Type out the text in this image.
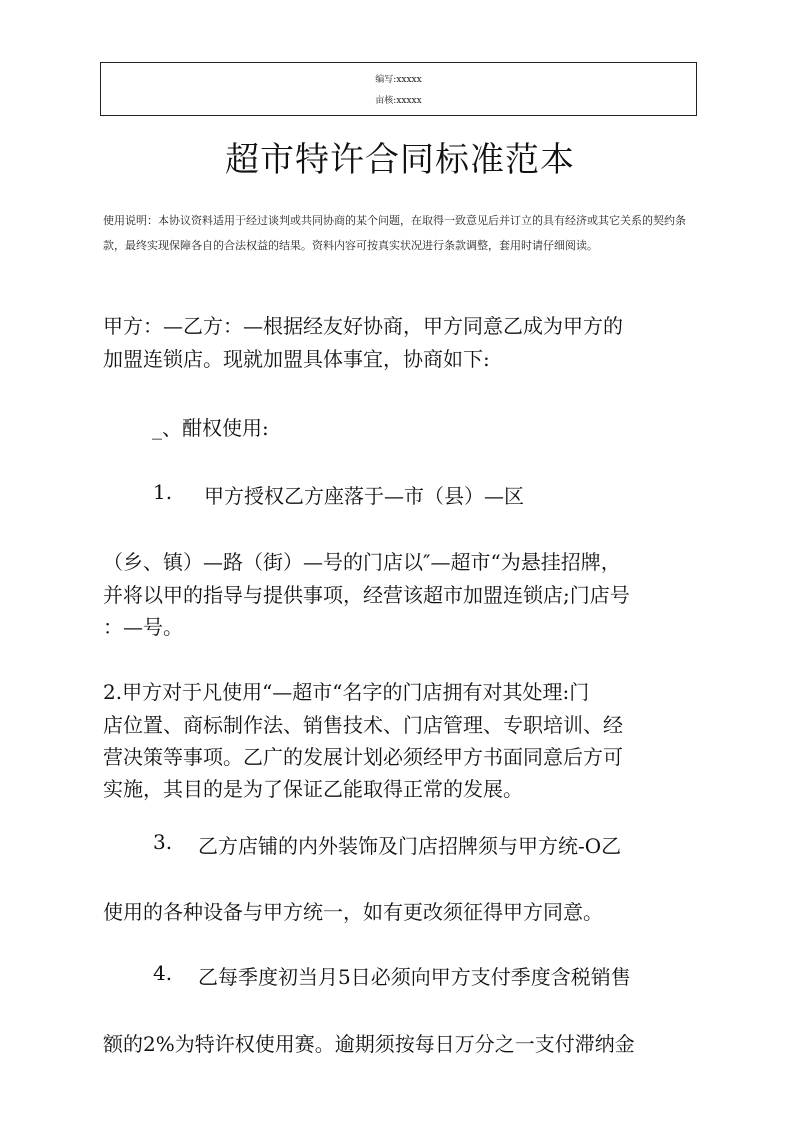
编写:xxxxx
亩核:xxxxx
超市特许合同标准范本

使用说明：本协议资料适用于经过谈判或共同协商的某个问题，在取得一致意见后并订立的具有经济或其它关系的契约条款，最终实现保障各自的合法权益的结果。资料内容可按真实状况进行条款调整，套用时请仔细阅读。

甲方：—乙方：—根据经友好协商，甲方同意乙成为甲方的

加盟连锁店。现就加盟具体事宜，协商如下:

_、酣权使用:

1. 甲方授权乙方座落于—市（县）—区

（乡、镇）—路（街）—号的门店以″—超市“为悬挂招牌，

并将以甲的指导与提供事项，经营该超市加盟连锁店;门店号

：—号。

2.甲方对于凡使用“—超市“名字的门店拥有对其处理:门

店位置、商标制作法、销售技术、门店管理、专职培训、经

营决策等事项。乙广的发展计划必须经甲方书面同意后方可

实施，其目的是为了保证乙能取得正常的发展。

3. 乙方店铺的内外装饰及门店招牌须与甲方统-O乙

使用的各种设备与甲方统一，如有更改须征得甲方同意。

4. 乙每季度初当月5日必须向甲方支付季度含税销售

额的2%为特许权使用赛。逾期须按每日万分之一支付滞纳金
